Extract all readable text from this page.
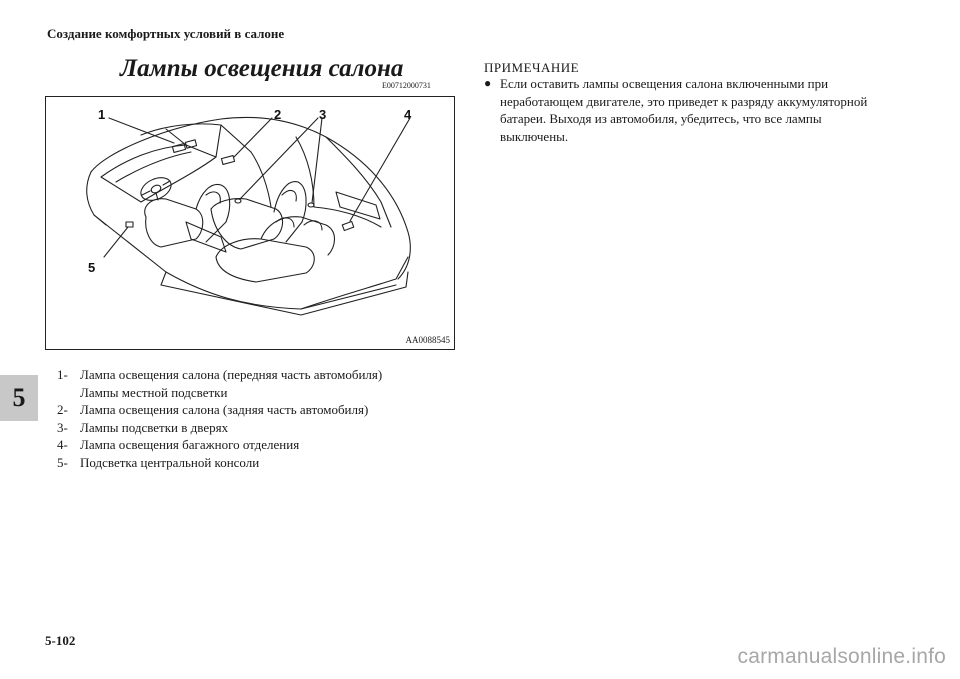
Создание комфортных условий в салоне
5
Лампы освещения салона
E00712000731
1	2	3	4
5
AA0088545
1- Лампа освещения салона (передняя часть автомобиля)
Лампы местной подсветки
2- Лампа освещения салона (задняя часть автомобиля)
3- Лампы подсветки в дверях
4- Лампа освещения багажного отделения
5- Подсветка центральной консоли
ПРИМЕЧАНИЕ
● Если оставить лампы освещения салона включенными при неработающем двигателе, это приведет к разряду аккумуляторной батареи. Выходя из автомобиля, убедитесь, что все лампы выключены.
5-102
carmanualsonline.info
